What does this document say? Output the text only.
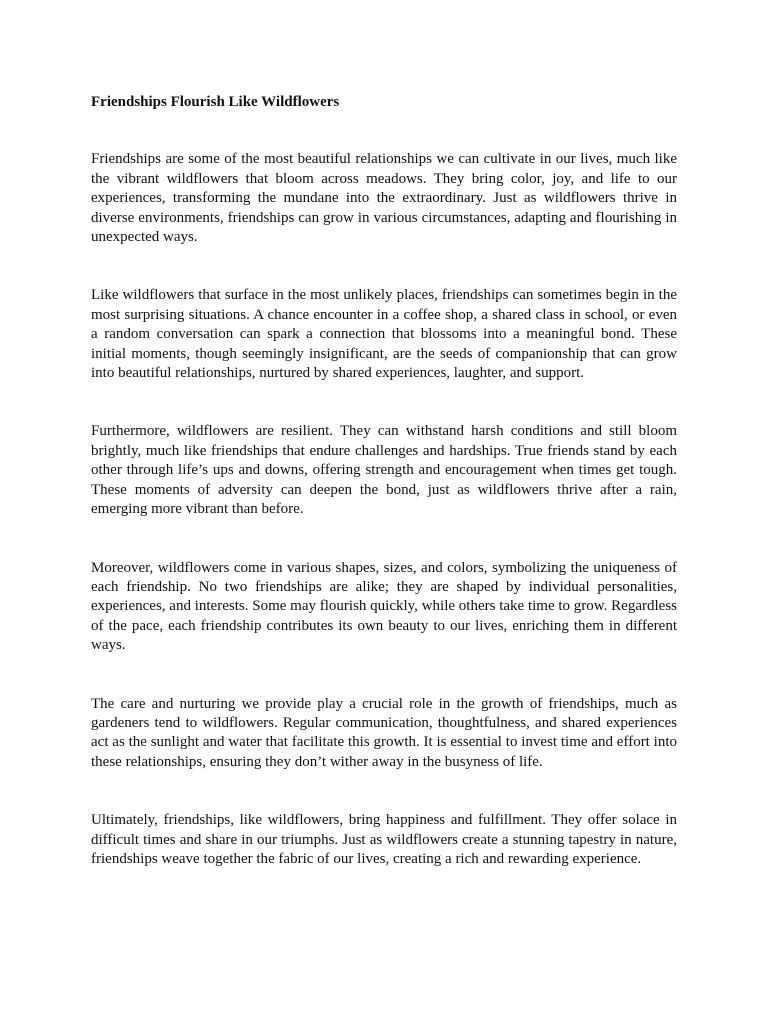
Friendships Flourish Like Wildflowers

Friendships are some of the most beautiful relationships we can cultivate in our lives, much like the vibrant wildflowers that bloom across meadows. They bring color, joy, and life to our experiences, transforming the mundane into the extraordinary. Just as wildflowers thrive in diverse environments, friendships can grow in various circumstances, adapting and flourishing in unexpected ways.

Like wildflowers that surface in the most unlikely places, friendships can sometimes begin in the most surprising situations. A chance encounter in a coffee shop, a shared class in school, or even a random conversation can spark a connection that blossoms into a meaningful bond. These initial moments, though seemingly insignificant, are the seeds of companionship that can grow into beautiful relationships, nurtured by shared experiences, laughter, and support.

Furthermore, wildflowers are resilient. They can withstand harsh conditions and still bloom brightly, much like friendships that endure challenges and hardships. True friends stand by each other through life’s ups and downs, offering strength and encouragement when times get tough. These moments of adversity can deepen the bond, just as wildflowers thrive after a rain, emerging more vibrant than before.

Moreover, wildflowers come in various shapes, sizes, and colors, symbolizing the uniqueness of each friendship. No two friendships are alike; they are shaped by individual personalities, experiences, and interests. Some may flourish quickly, while others take time to grow. Regardless of the pace, each friendship contributes its own beauty to our lives, enriching them in different ways.

The care and nurturing we provide play a crucial role in the growth of friendships, much as gardeners tend to wildflowers. Regular communication, thoughtfulness, and shared experiences act as the sunlight and water that facilitate this growth. It is essential to invest time and effort into these relationships, ensuring they don’t wither away in the busyness of life.

Ultimately, friendships, like wildflowers, bring happiness and fulfillment. They offer solace in difficult times and share in our triumphs. Just as wildflowers create a stunning tapestry in nature, friendships weave together the fabric of our lives, creating a rich and rewarding experience.
